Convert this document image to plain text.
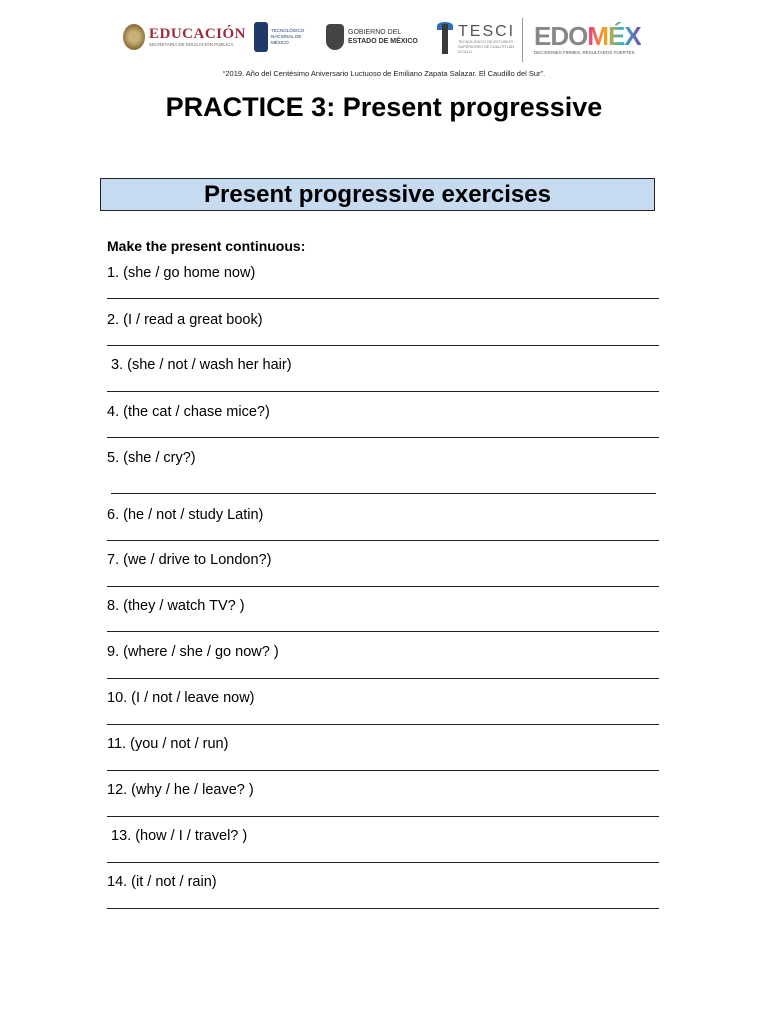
EDUCACIÓN
SECRETARÍA DE EDUCACIÓN PÚBLICA
TECNOLÓGICO NACIONAL DE MÉXICO
GOBIERNO DEL
ESTADO DE MÉXICO
TESCI
TECNOLÓGICO DE ESTUDIOS SUPERIORES DE CUAUTITLÁN IZCALLI
EDOMÉX
DECISIONES FIRMES, RESULTADOS FUERTES.
“2019. Año del Centésimo Aniversario Luctuoso de Emiliano Zapata Salazar. El Caudillo del Sur”.
PRACTICE 3: Present progressive
Present progressive exercises
Make the present continuous:
1. (she / go home now)
2. (I / read a great book)
3. (she / not / wash her hair)
4. (the cat / chase mice?)
5. (she / cry?)
6. (he / not / study Latin)
7. (we / drive to London?)
8. (they / watch TV? )
9. (where / she / go now? )
10. (I / not / leave now)
11. (you / not / run)
12. (why / he / leave? )
13. (how / I / travel? )
14. (it / not / rain)
